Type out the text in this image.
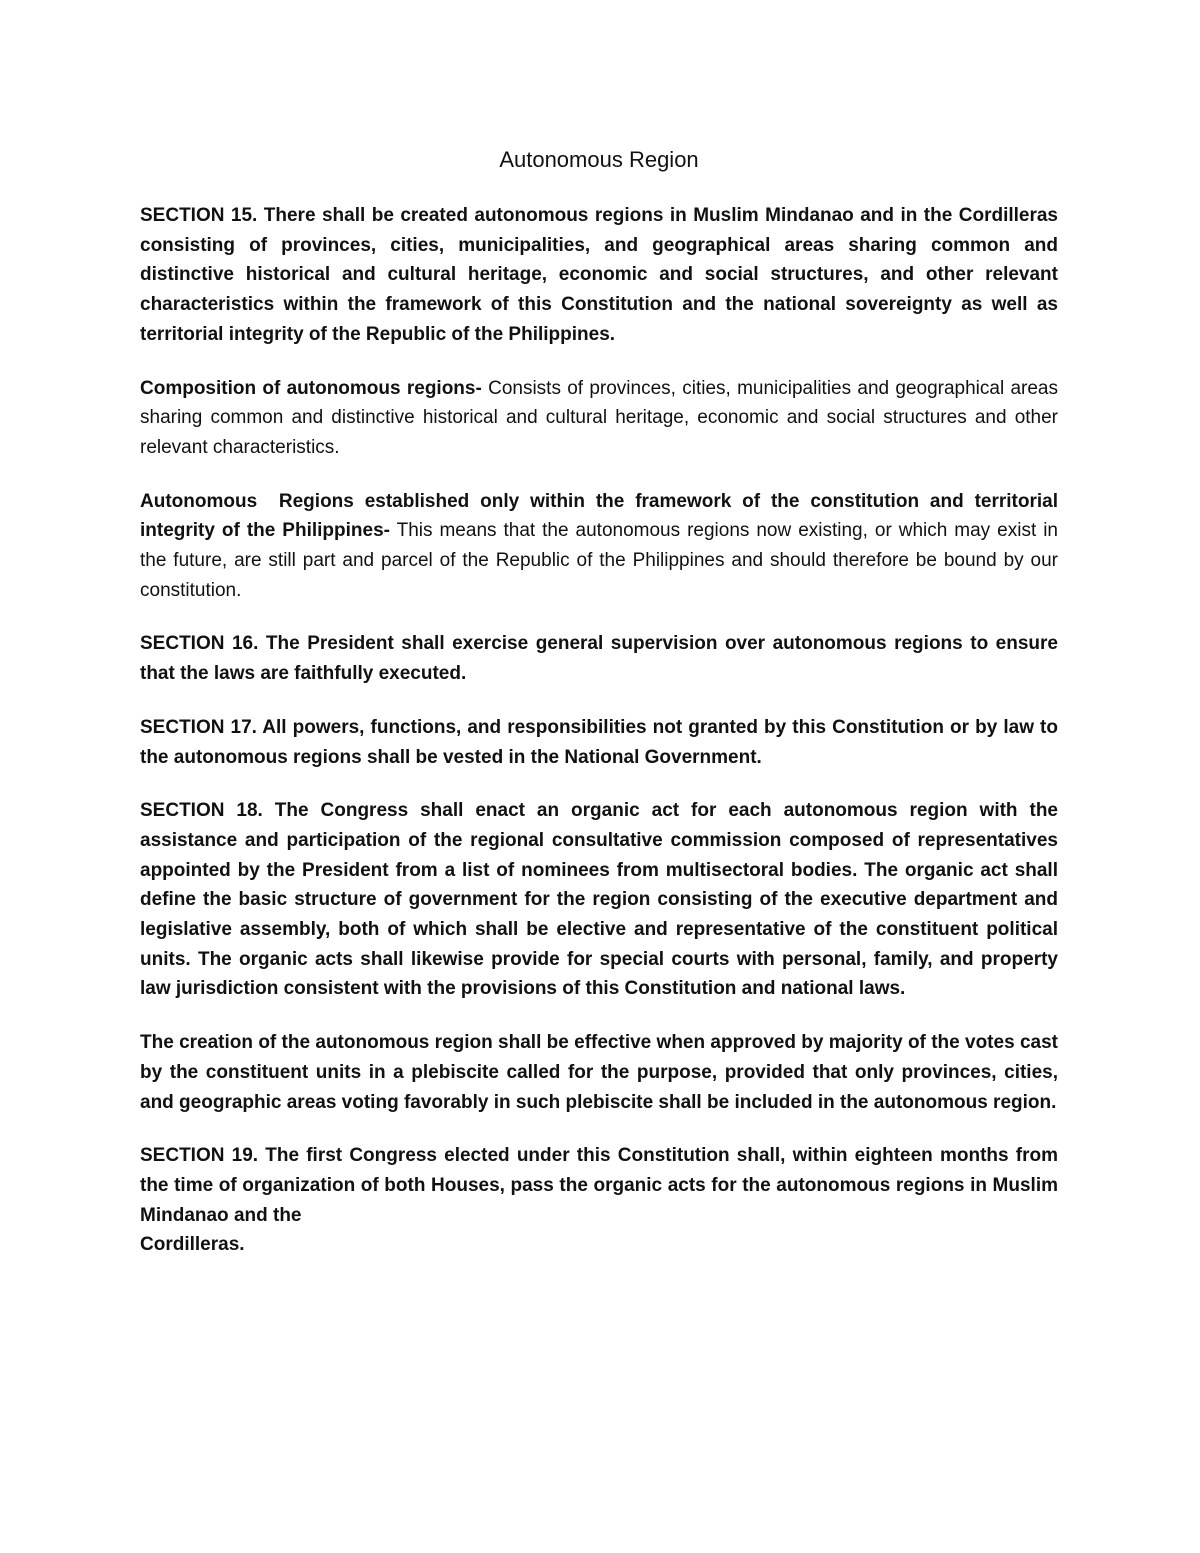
Autonomous Region

SECTION 15. There shall be created autonomous regions in Muslim Mindanao and in the Cordilleras consisting of provinces, cities, municipalities, and geographical areas sharing common and distinctive historical and cultural heritage, economic and social structures, and other relevant characteristics within the framework of this Constitution and the national sovereignty as well as territorial integrity of the Republic of the Philippines.

Composition of autonomous regions- Consists of provinces, cities, municipalities and geographical areas sharing common and distinctive historical and cultural heritage, economic and social structures and other relevant characteristics.

Autonomous  Regions established only within the framework of the constitution and territorial integrity of the Philippines- This means that the autonomous regions now existing, or which may exist in the future, are still part and parcel of the Republic of the Philippines and should therefore be bound by our constitution.

SECTION 16. The President shall exercise general supervision over autonomous regions to ensure that the laws are faithfully executed.

SECTION 17. All powers, functions, and responsibilities not granted by this Constitution or by law to the autonomous regions shall be vested in the National Government.

SECTION 18. The Congress shall enact an organic act for each autonomous region with the assistance and participation of the regional consultative commission composed of representatives appointed by the President from a list of nominees from multisectoral bodies. The organic act shall define the basic structure of government for the region consisting of the executive department and legislative assembly, both of which shall be elective and representative of the constituent political units. The organic acts shall likewise provide for special courts with personal, family, and property law jurisdiction consistent with the provisions of this Constitution and national laws.

The creation of the autonomous region shall be effective when approved by majority of the votes cast by the constituent units in a plebiscite called for the purpose, provided that only provinces, cities, and geographic areas voting favorably in such plebiscite shall be included in the autonomous region.

SECTION 19. The first Congress elected under this Constitution shall, within eighteen months from the time of organization of both Houses, pass the organic acts for the autonomous regions in Muslim Mindanao and the
Cordilleras.
